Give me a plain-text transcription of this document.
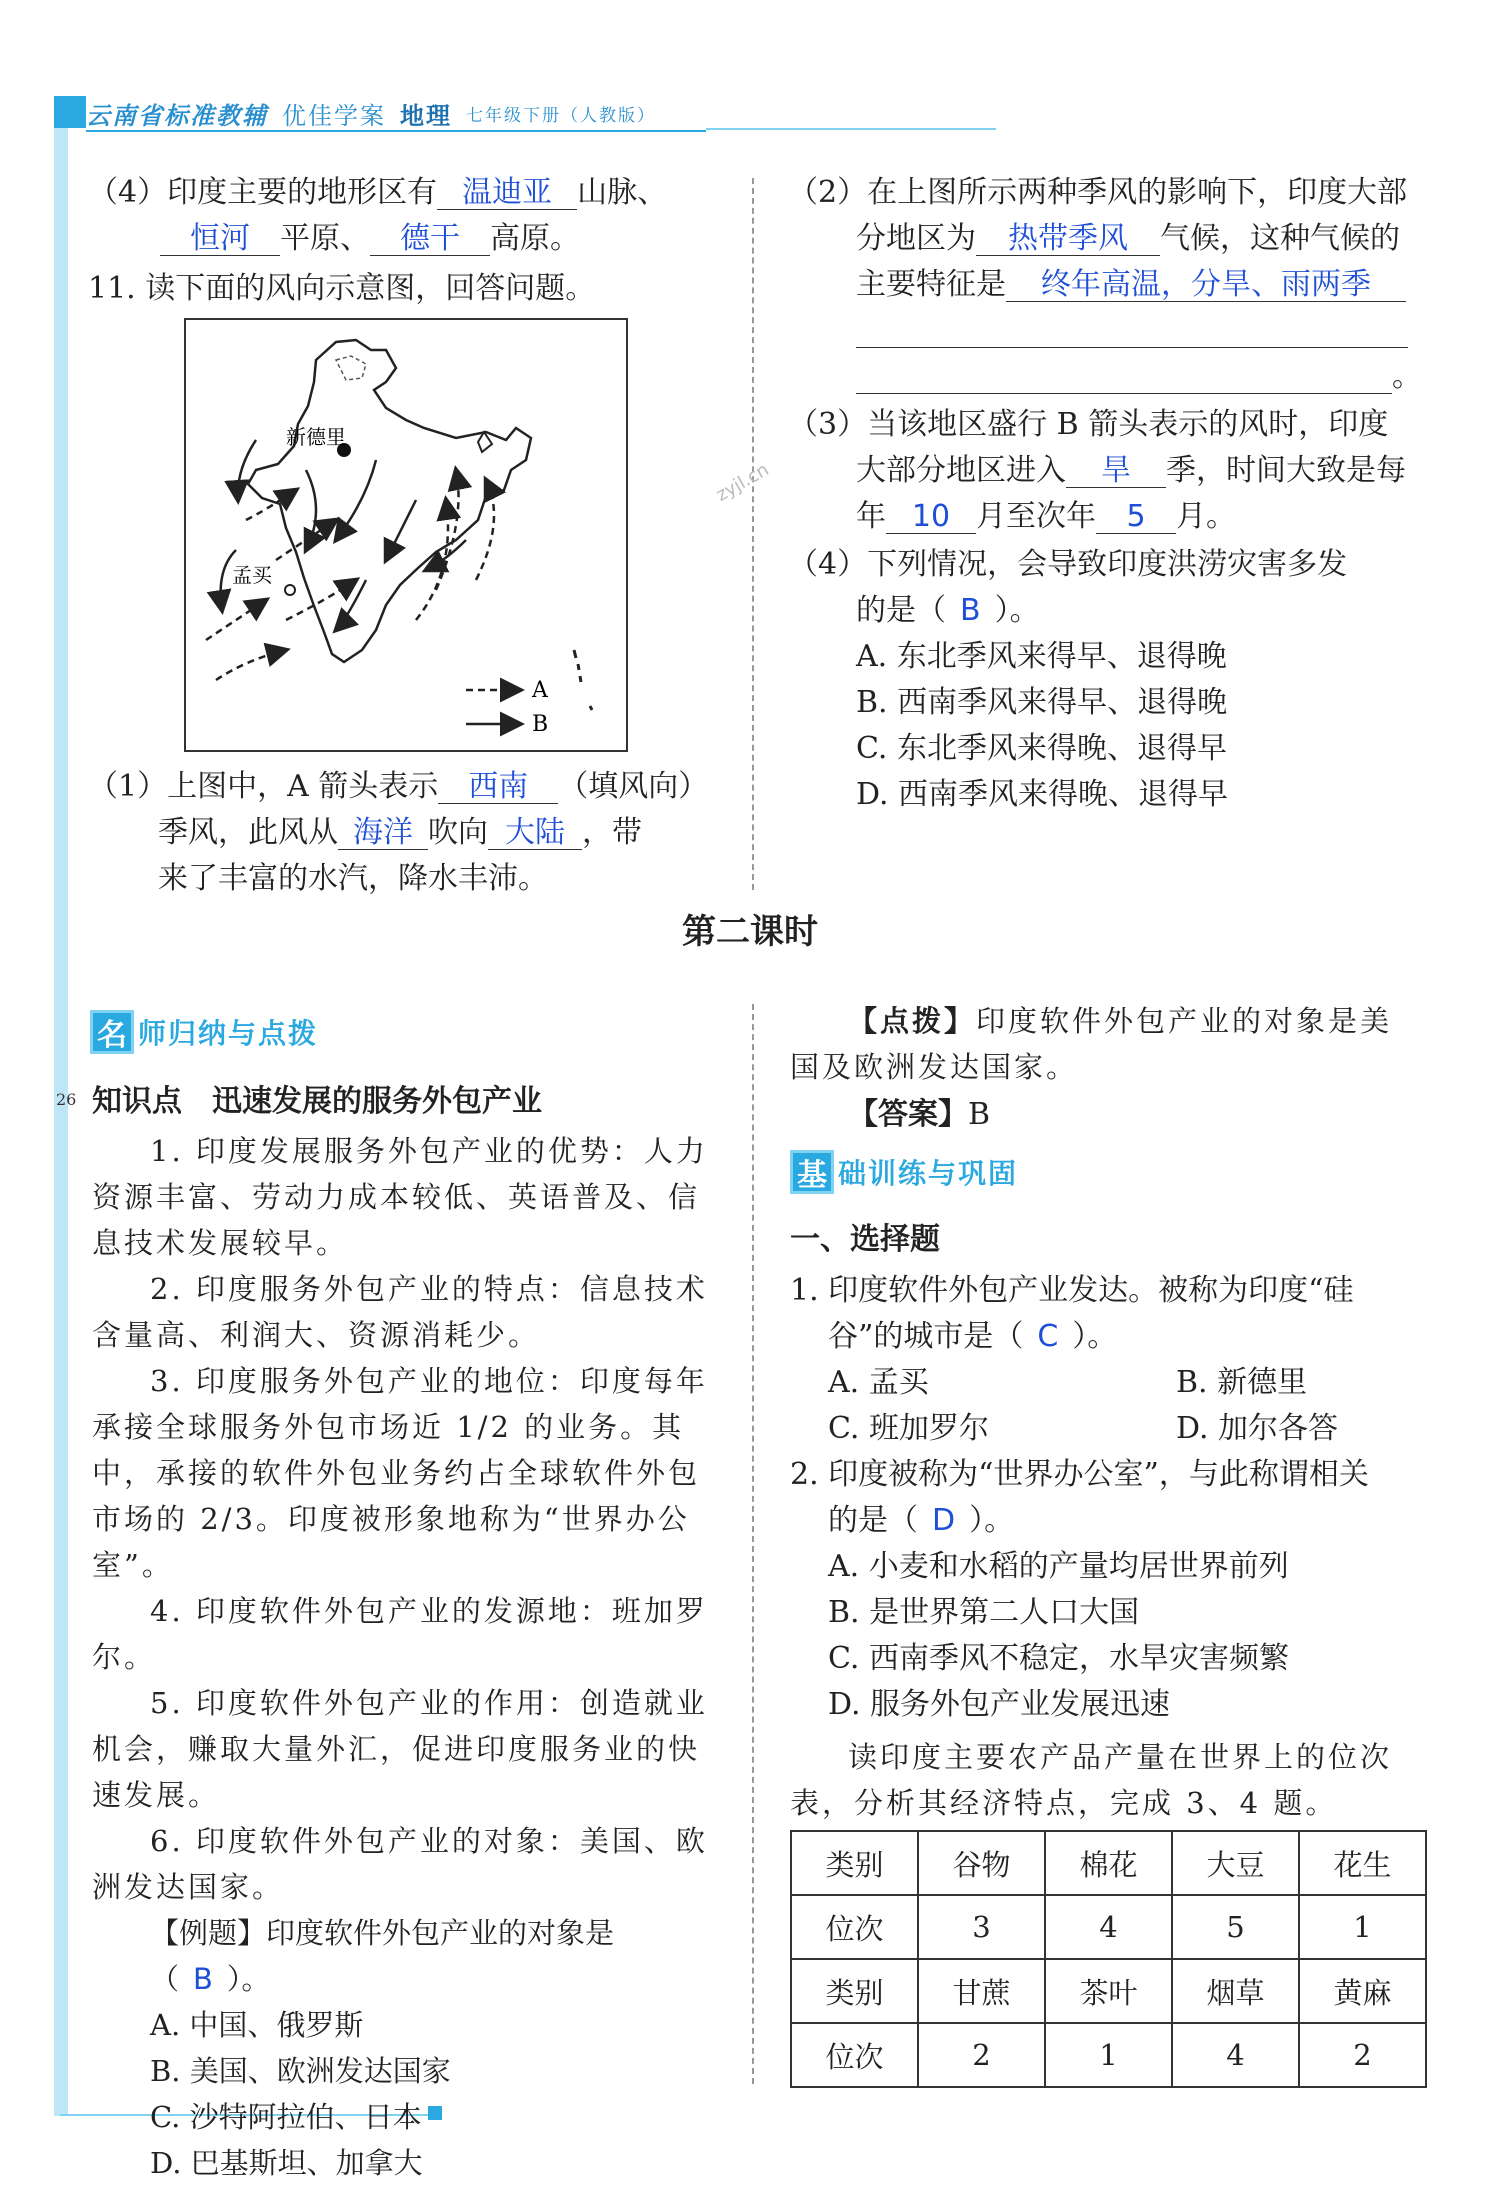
云南省标准教辅 优佳学案 地理 七年级下册（人教版）
26
zyjl.cn
（4）印度主要的地形区有 温迪亚 山脉、
恒河 平原、 德干 高原。
11. 读下面的风向示意图，回答问题。
新德里
孟买
A
B
（1）上图中，A 箭头表示 西南 （填风向）
季风，此风从 海洋 吹向 大陆 ，带
来了丰富的水汽，降水丰沛。
（2）在上图所示两种季风的影响下，印度大部
分地区为 热带季风 气候，这种气候的
主要特征是 终年高温，分旱、雨两季

。
（3）当该地区盛行 B 箭头表示的风时，印度
大部分地区进入 旱 季，时间大致是每
年 10 月至次年 5 月。
（4）下列情况，会导致印度洪涝灾害多发
的是（ B ）。
A. 东北季风来得早、退得晚
B. 西南季风来得早、退得晚
C. 东北季风来得晚、退得早
D. 西南季风来得晚、退得早
第二课时
名 师归纳与点拨
知识点　迅速发展的服务外包产业

1. 印度发展服务外包产业的优势：人力资源丰富、劳动力成本较低、英语普及、信息技术发展较早。

2. 印度服务外包产业的特点：信息技术含量高、利润大、资源消耗少。

3. 印度服务外包产业的地位：印度每年承接全球服务外包市场近 1/2 的业务。其中，承接的软件外包业务约占全球软件外包市场的 2/3。印度被形象地称为“世界办公室”。

4. 印度软件外包产业的发源地：班加罗尔。

5. 印度软件外包产业的作用：创造就业机会，赚取大量外汇，促进印度服务业的快速发展。

6. 印度软件外包产业的对象：美国、欧洲发达国家。

【例题】印度软件外包产业的对象是（ B ）。
A. 中国、俄罗斯
B. 美国、欧洲发达国家
C. 沙特阿拉伯、日本
D. 巴基斯坦、加拿大
【点拨】印度软件外包产业的对象是美国及欧洲发达国家。
【答案】B
基 础训练与巩固
一、选择题
1. 印度软件外包产业发达。被称为印度“硅
谷”的城市是（ C ）。
A. 孟买	B. 新德里
C. 班加罗尔	D. 加尔各答
2. 印度被称为“世界办公室”，与此称谓相关
的是（ D ）。
A. 小麦和水稻的产量均居世界前列
B. 是世界第二人口大国
C. 西南季风不稳定，水旱灾害频繁
D. 服务外包产业发展迅速
读印度主要农产品产量在世界上的位次表，分析其经济特点，完成 3、4 题。
类别	谷物	棉花	大豆	花生
位次	3	4	5	1
类别	甘蔗	茶叶	烟草	黄麻
位次	2	1	4	2
